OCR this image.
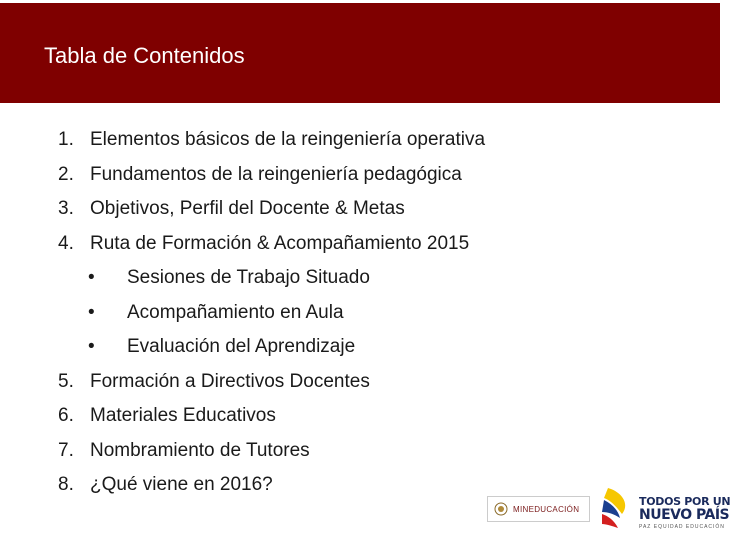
Tabla de Contenidos
1. Elementos básicos de la reingeniería operativa
2. Fundamentos de la reingeniería pedagógica
3. Objetivos, Perfil del Docente & Metas
4. Ruta de Formación & Acompañamiento 2015
• Sesiones de Trabajo Situado
• Acompañamiento en Aula
• Evaluación del Aprendizaje
5. Formación a Directivos Docentes
6. Materiales Educativos
7. Nombramiento de Tutores
8. ¿Qué viene en 2016?
MINEDUCACIÓN
TODOS POR UN
NUEVO PAÍS
PAZ EQUIDAD EDUCACIÓN
